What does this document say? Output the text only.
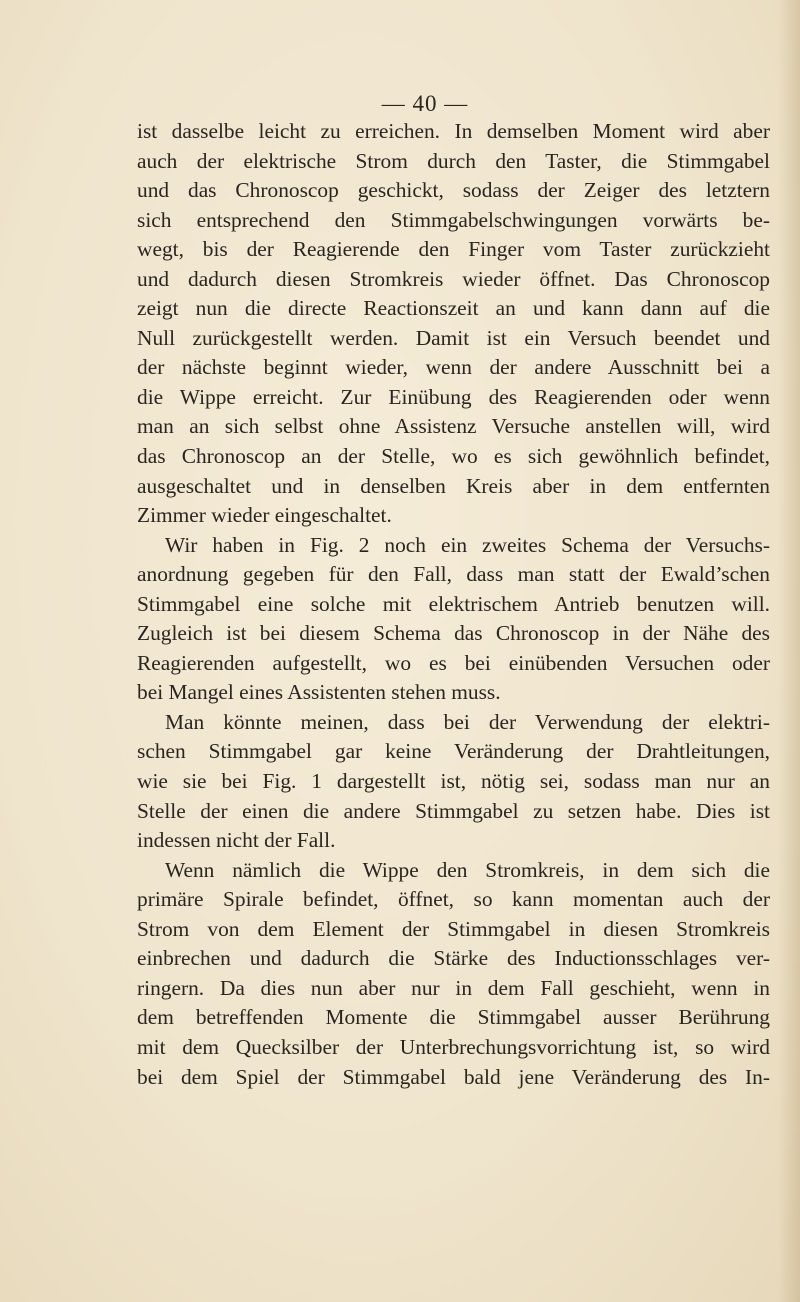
— 40 —
ist dasselbe leicht zu erreichen. In demselben Moment wird aber
auch der elektrische Strom durch den Taster, die Stimmgabel
und das Chronoscop geschickt, sodass der Zeiger des letztern
sich entsprechend den Stimmgabelschwingungen vorwärts be-
wegt, bis der Reagierende den Finger vom Taster zurückzieht
und dadurch diesen Stromkreis wieder öffnet. Das Chronoscop
zeigt nun die directe Reactionszeit an und kann dann auf die
Null zurückgestellt werden. Damit ist ein Versuch beendet und
der nächste beginnt wieder, wenn der andere Ausschnitt bei a
die Wippe erreicht. Zur Einübung des Reagierenden oder wenn
man an sich selbst ohne Assistenz Versuche anstellen will, wird
das Chronoscop an der Stelle, wo es sich gewöhnlich befindet,
ausgeschaltet und in denselben Kreis aber in dem entfernten
Zimmer wieder eingeschaltet.
Wir haben in Fig. 2 noch ein zweites Schema der Versuchs-
anordnung gegeben für den Fall, dass man statt der Ewald’schen
Stimmgabel eine solche mit elektrischem Antrieb benutzen will.
Zugleich ist bei diesem Schema das Chronoscop in der Nähe des
Reagierenden aufgestellt, wo es bei einübenden Versuchen oder
bei Mangel eines Assistenten stehen muss.
Man könnte meinen, dass bei der Verwendung der elektri-
schen Stimmgabel gar keine Veränderung der Drahtleitungen,
wie sie bei Fig. 1 dargestellt ist, nötig sei, sodass man nur an
Stelle der einen die andere Stimmgabel zu setzen habe. Dies ist
indessen nicht der Fall.
Wenn nämlich die Wippe den Stromkreis, in dem sich die
primäre Spirale befindet, öffnet, so kann momentan auch der
Strom von dem Element der Stimmgabel in diesen Stromkreis
einbrechen und dadurch die Stärke des Inductionsschlages ver-
ringern. Da dies nun aber nur in dem Fall geschieht, wenn in
dem betreffenden Momente die Stimmgabel ausser Berührung
mit dem Quecksilber der Unterbrechungsvorrichtung ist, so wird
bei dem Spiel der Stimmgabel bald jene Veränderung des In-
